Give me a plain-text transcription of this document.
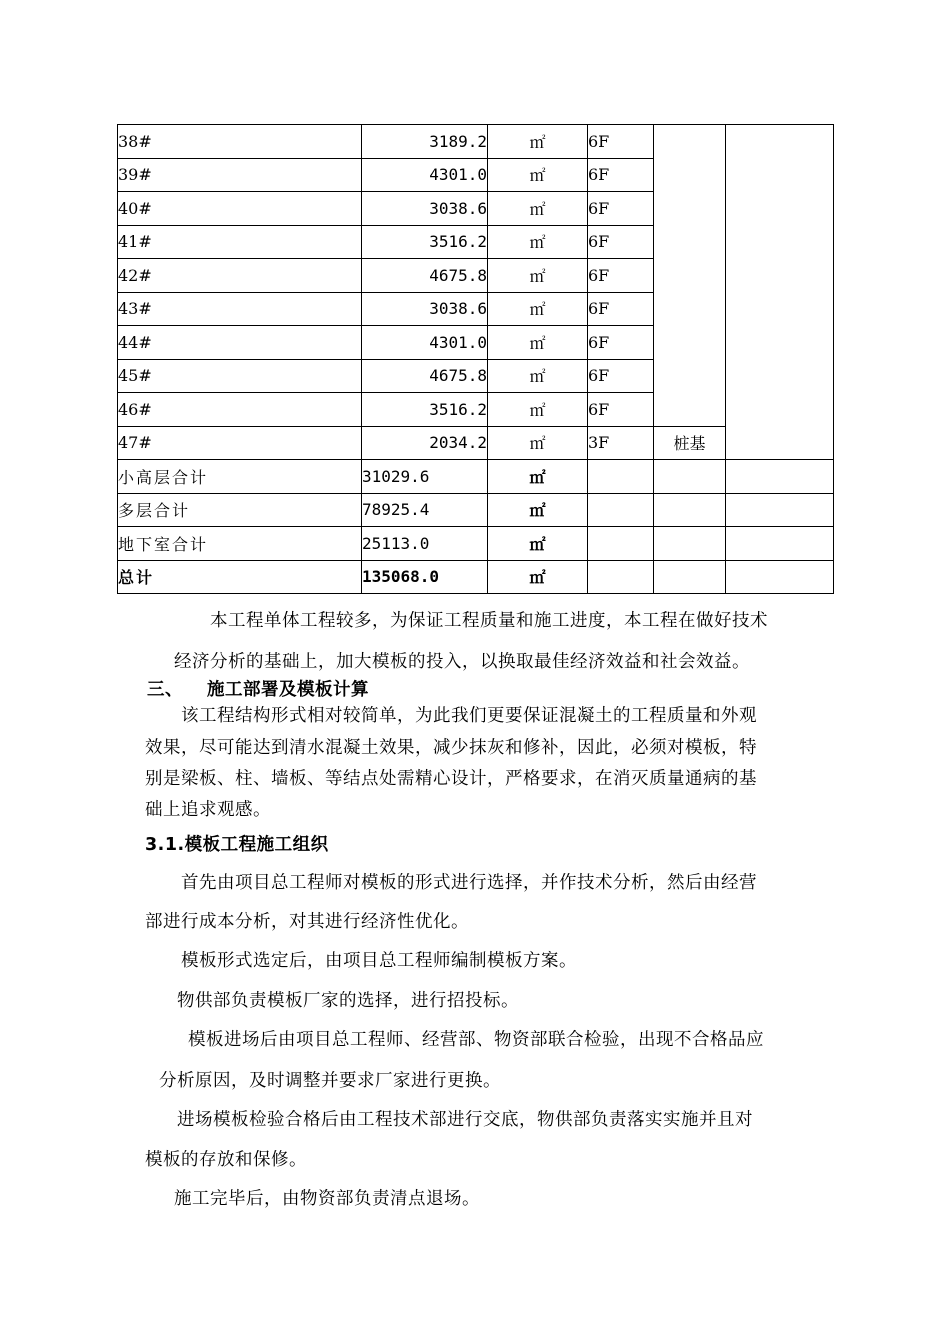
38#	3189.2	㎡	6F		
39#	4301.0	㎡	6F		
40#	3038.6	㎡	6F		
41#	3516.2	㎡	6F		
42#	4675.8	㎡	6F		
43#	3038.6	㎡	6F		
44#	4301.0	㎡	6F		
45#	4675.8	㎡	6F		
46#	3516.2	㎡	6F		
47#	2034.2	㎡	3F	桩基	
小高层合计	31029.6	㎡			
多层合计	78925.4	㎡			
地下室合计	25113.0	㎡			
总计	135068.0	㎡			

本工程单体工程较多，为保证工程质量和施工进度，本工程在做好技术

经济分析的基础上，加大模板的投入，以换取最佳经济效益和社会效益。

三、 施工部署及模板计算

该工程结构形式相对较简单，为此我们更要保证混凝土的工程质量和外观

效果，尽可能达到清水混凝土效果，减少抹灰和修补，因此，必须对模板，特

别是梁板、柱、墙板、等结点处需精心设计，严格要求，在消灭质量通病的基

础上追求观感。

3.1.模板工程施工组织

首先由项目总工程师对模板的形式进行选择，并作技术分析，然后由经营

部进行成本分析，对其进行经济性优化。

模板形式选定后，由项目总工程师编制模板方案。

物供部负责模板厂家的选择，进行招投标。

模板进场后由项目总工程师、经营部、物资部联合检验，出现不合格品应

分析原因，及时调整并要求厂家进行更换。

进场模板检验合格后由工程技术部进行交底，物供部负责落实实施并且对

模板的存放和保修。

施工完毕后，由物资部负责清点退场。
